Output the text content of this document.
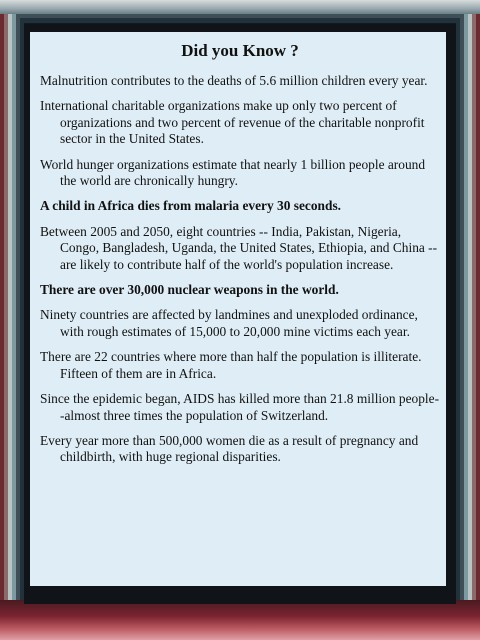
Did you Know ?

Malnutrition contributes to the deaths of 5.6 million children every year.

International charitable organizations make up only two percent of organizations and two percent of revenue of the charitable nonprofit sector in the United States.

World hunger organizations estimate that nearly 1 billion people around the world are chronically hungry.

A child in Africa dies from malaria every 30 seconds.

Between 2005 and 2050, eight countries -- India, Pakistan, Nigeria, Congo, Bangladesh, Uganda, the United States, Ethiopia, and China -- are likely to contribute half of the world's population increase.

There are over 30,000 nuclear weapons in the world.

Ninety countries are affected by landmines and unexploded ordinance, with rough estimates of 15,000 to 20,000 mine victims each year.

There are 22 countries where more than half the population is illiterate. Fifteen of them are in Africa.

Since the epidemic began, AIDS has killed more than 21.8 million people--almost three times the population of Switzerland.

Every year more than 500,000 women die as a result of pregnancy and childbirth, with huge regional disparities.
